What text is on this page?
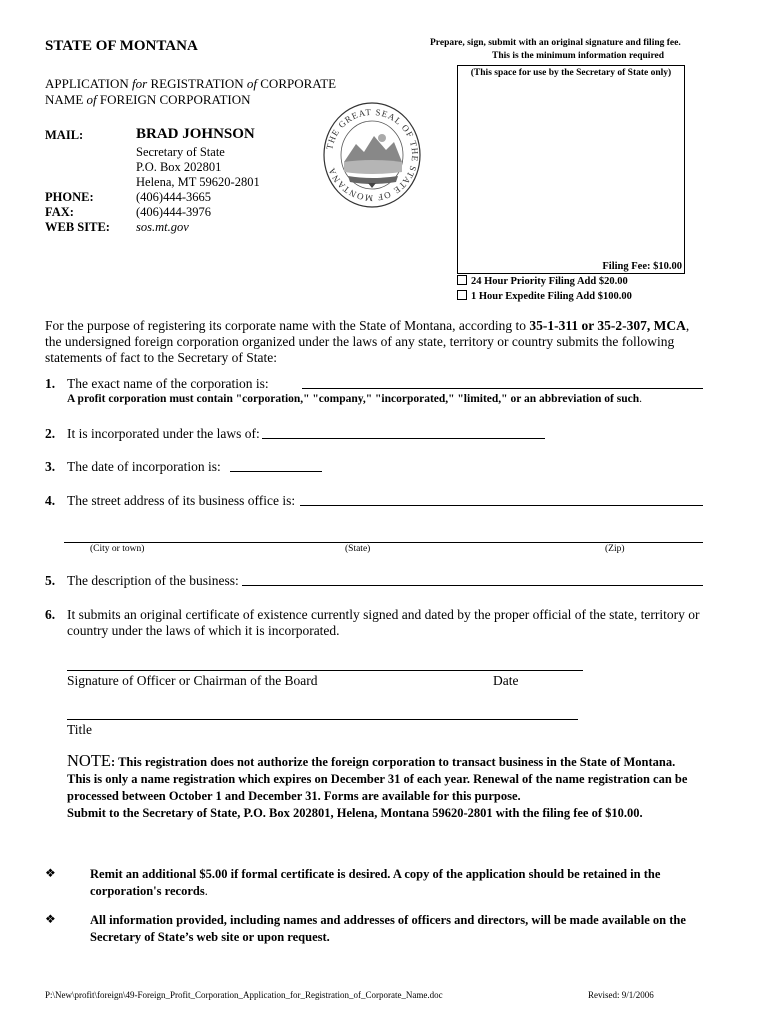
STATE OF MONTANA
APPLICATION for REGISTRATION of CORPORATE
NAME of FOREIGN CORPORATION
MAIL:	BRAD JOHNSON
Secretary of State
P.O. Box 202801
Helena, MT 59620-2801
PHONE:	(406)444-3665
FAX:	(406)444-3976
WEB SITE: sos.mt.gov
THE GREAT SEAL OF THE STATE OF MONTANA
Prepare, sign, submit with an original signature and filing fee.
This is the minimum information required
(This space for use by the Secretary of State only)
Filing Fee: $10.00
24 Hour Priority Filing Add $20.00
1 Hour Expedite Filing Add $100.00
For the purpose of registering its corporate name with the State of Montana, according to 35-1-311 or 35-2-307, MCA, the undersigned foreign corporation organized under the laws of any state, territory or country submits the following statements of fact to the Secretary of State:
1. The exact name of the corporation is:
A profit corporation must contain "corporation," "company," "incorporated," "limited," or an abbreviation of such.
2. It is incorporated under the laws of:
3. The date of incorporation is:
4. The street address of its business office is:
(City or town)	(State)	(Zip)
5. The description of the business:
6. It submits an original certificate of existence currently signed and dated by the proper official of the state, territory or country under the laws of which it is incorporated.
Signature of Officer or Chairman of the Board	Date
Title
NOTE: This registration does not authorize the foreign corporation to transact business in the State of Montana. This is only a name registration which expires on December 31 of each year. Renewal of the name registration can be processed between October 1 and December 31. Forms are available for this purpose.
Submit to the Secretary of State, P.O. Box 202801, Helena, Montana 59620-2801 with the filing fee of $10.00.
❖	Remit an additional $5.00 if formal certificate is desired. A copy of the application should be retained in the corporation's records.
❖	All information provided, including names and addresses of officers and directors, will be made available on the Secretary of State’s web site or upon request.
P:\New\profit\foreign\49-Foreign_Profit_Corporation_Application_for_Registration_of_Corporate_Name.doc	Revised: 9/1/2006
